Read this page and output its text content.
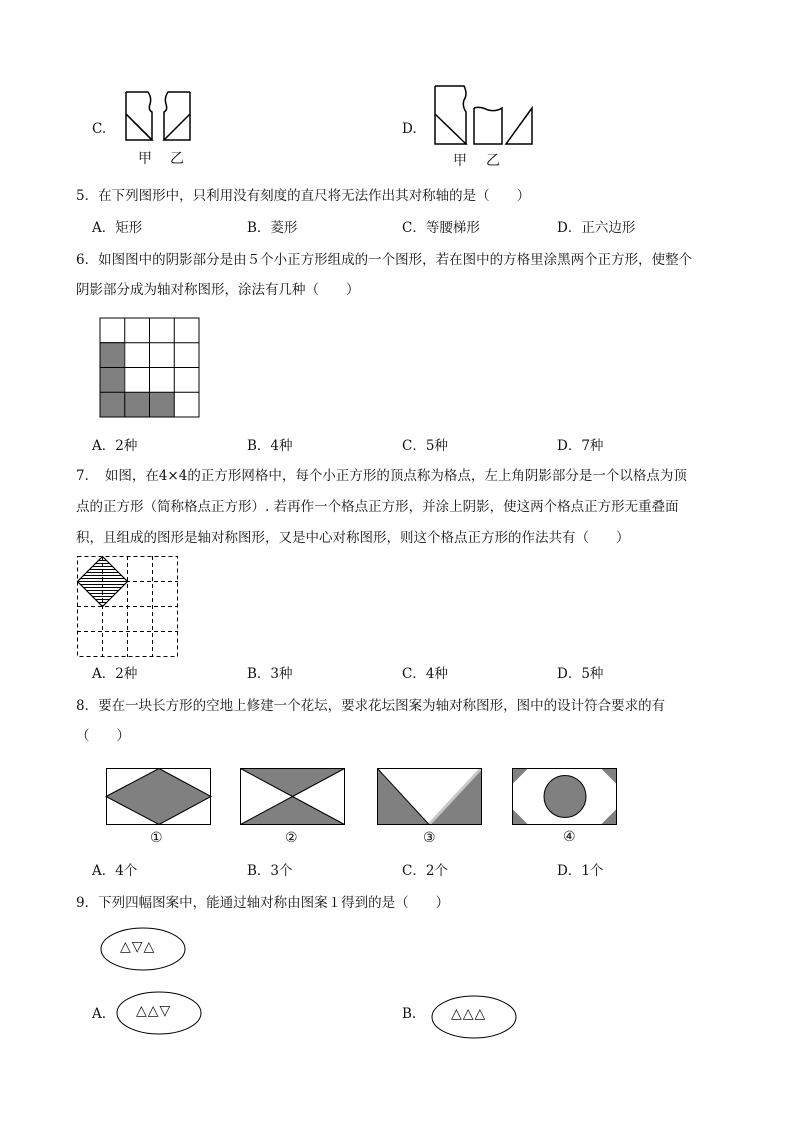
C.
甲 乙
D.
甲 乙
5．在下列图形中，只利用没有刻度的直尺将无法作出其对称轴的是（　　）
A．矩形	B．菱形	C．等腰梯形	D．正六边形
6．如图图中的阴影部分是由５个小正方形组成的一个图形，若在图中的方格里涂黑两个正方形，使整个
阴影部分成为轴对称图形，涂法有几种（　　）
A．2种	B．4种	C．5种	D．7种
7．　如图，在4×4的正方形网格中，每个小正方形的顶点称为格点，左上角阴影部分是一个以格点为顶
点的正方形（简称格点正方形）. 若再作一个格点正方形，并涂上阴影，使这两个格点正方形无重叠面
积，且组成的图形是轴对称图形，又是中心对称图形，则这个格点正方形的作法共有（　　）
A．2种	B．3种	C．4种	D．5种
8．要在一块长方形的空地上修建一个花坛，要求花坛图案为轴对称图形，图中的设计符合要求的有
（　　）
①	②	③	④
A．4个	B．3个	C．2个	D．1个
9．下列四幅图案中，能通过轴对称由图案１得到的是（　　）
△▽△
A. △△▽	B. △△△
